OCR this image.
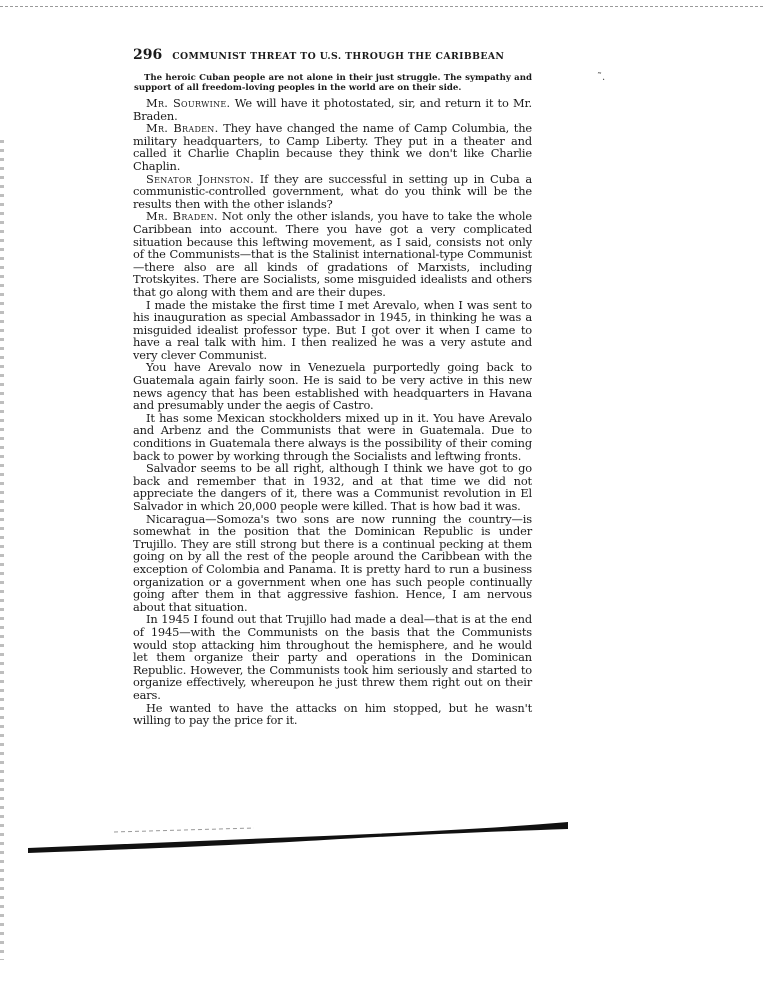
˜.
296 COMMUNIST THREAT TO U.S. THROUGH THE CARIBBEAN

The heroic Cuban people are not alone in their just struggle. The sympathy and support of all freedom-loving peoples in the world are on their side.

Mr. Sourwine. We will have it photostated, sir, and return it to Mr. Braden.

Mr. Braden. They have changed the name of Camp Columbia, the military headquarters, to Camp Liberty. They put in a theater and called it Charlie Chaplin because they think we don't like Charlie Chaplin.

Senator Johnston. If they are successful in setting up in Cuba a communistic-controlled government, what do you think will be the results then with the other islands?

Mr. Braden. Not only the other islands, you have to take the whole Caribbean into account. There you have got a very complicated situation because this leftwing movement, as I said, consists not only of the Communists—that is the Stalinist international-type Communist—there also are all kinds of gradations of Marxists, including Trotskyites. There are Socialists, some misguided idealists and others that go along with them and are their dupes.

I made the mistake the first time I met Arevalo, when I was sent to his inauguration as special Ambassador in 1945, in thinking he was a misguided idealist professor type. But I got over it when I came to have a real talk with him. I then realized he was a very astute and very clever Communist.

You have Arevalo now in Venezuela purportedly going back to Guatemala again fairly soon. He is said to be very active in this new news agency that has been established with headquarters in Havana and presumably under the aegis of Castro.

It has some Mexican stockholders mixed up in it. You have Arevalo and Arbenz and the Communists that were in Guatemala. Due to conditions in Guatemala there always is the possibility of their coming back to power by working through the Socialists and leftwing fronts.

Salvador seems to be all right, although I think we have got to go back and remember that in 1932, and at that time we did not appreciate the dangers of it, there was a Communist revolution in El Salvador in which 20,000 people were killed. That is how bad it was.

Nicaragua—Somoza's two sons are now running the country—is somewhat in the position that the Dominican Republic is under Trujillo. They are still strong but there is a continual pecking at them going on by all the rest of the people around the Caribbean with the exception of Colombia and Panama. It is pretty hard to run a business organization or a government when one has such people continually going after them in that aggressive fashion. Hence, I am nervous about that situation.

In 1945 I found out that Trujillo had made a deal—that is at the end of 1945—with the Communists on the basis that the Communists would stop attacking him throughout the hemisphere, and he would let them organize their party and operations in the Dominican Republic. However, the Communists took him seriously and started to organize effectively, whereupon he just threw them right out on their ears.

He wanted to have the attacks on him stopped, but he wasn't willing to pay the price for it.
